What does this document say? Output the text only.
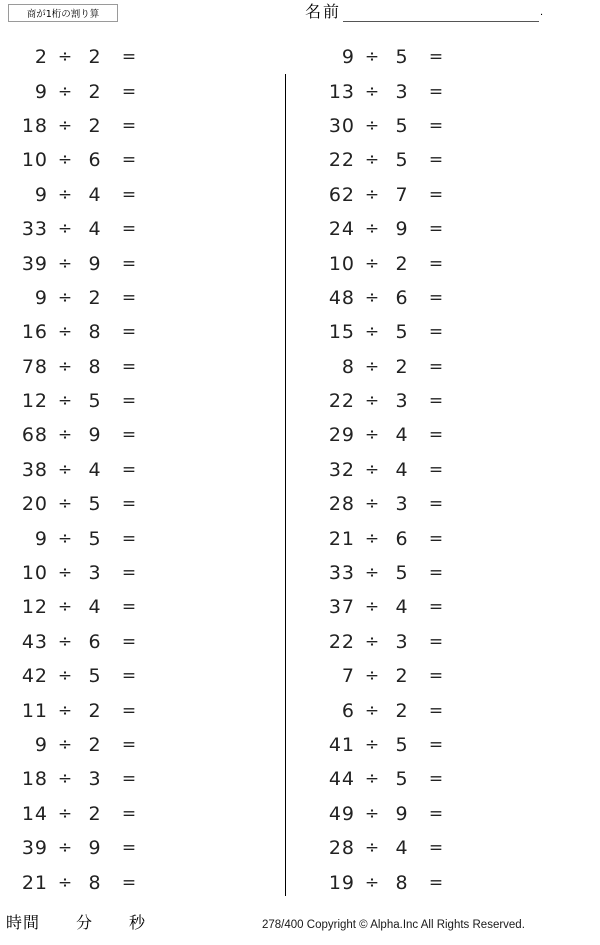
商が1桁の割り算	名前	.
2 ÷ 2	=
9 ÷ 2	=
18 ÷ 2	=
10 ÷ 6	=
9 ÷ 4	=
33 ÷ 4	=
39 ÷ 9	=
9 ÷ 2	=
16 ÷ 8	=
78 ÷ 8	=
12 ÷ 5	=
68 ÷ 9	=
38 ÷ 4	=
20 ÷ 5	=
9 ÷ 5	=
10 ÷ 3	=
12 ÷ 4	=
43 ÷ 6	=
42 ÷ 5	=
11 ÷ 2	=
9 ÷ 2	=
18 ÷ 3	=
14 ÷ 2	=
39 ÷ 9	=
21 ÷ 8	=
9 ÷ 5	=
13 ÷ 3	=
30 ÷ 5	=
22 ÷ 5	=
62 ÷ 7	=
24 ÷ 9	=
10 ÷ 2	=
48 ÷ 6	=
15 ÷ 5	=
8 ÷ 2	=
22 ÷ 3	=
29 ÷ 4	=
32 ÷ 4	=
28 ÷ 3	=
21 ÷ 6	=
33 ÷ 5	=
37 ÷ 4	=
22 ÷ 3	=
7 ÷ 2	=
6 ÷ 2	=
41 ÷ 5	=
44 ÷ 5	=
49 ÷ 9	=
28 ÷ 4	=
19 ÷ 8	=
時間 分 秒	278/400 Copyright © Alpha.Inc All Rights Reserved.
